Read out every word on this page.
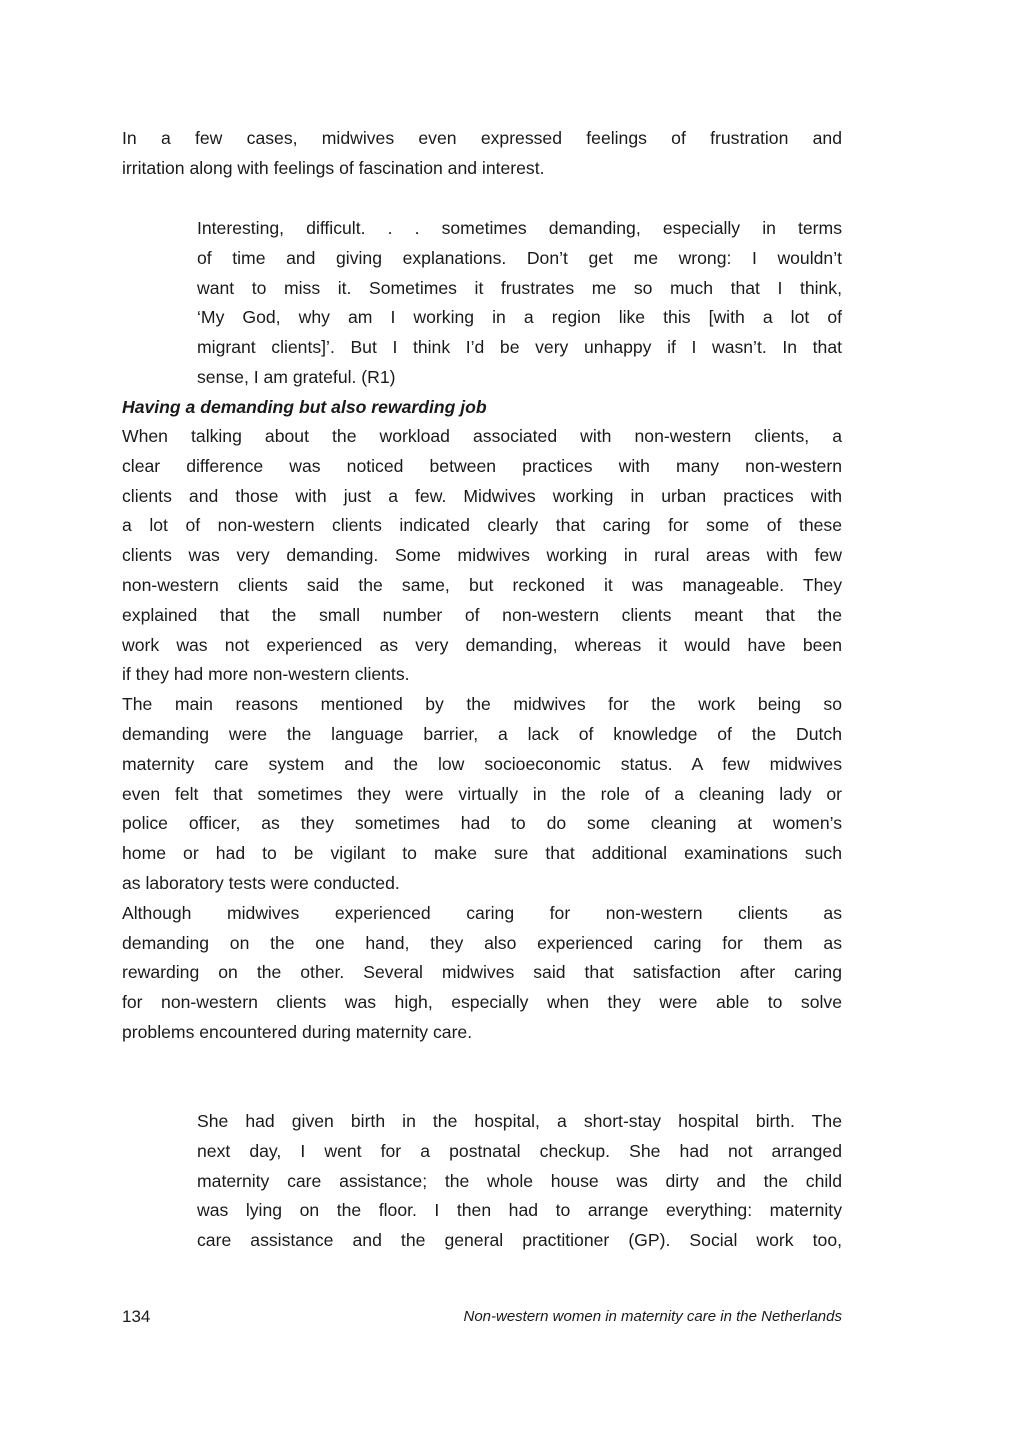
In a few cases, midwives even expressed feelings of frustration and
irritation along with feelings of fascination and interest.
Interesting, difficult. . . sometimes demanding, especially in terms
of time and giving explanations. Don’t get me wrong: I wouldn’t
want to miss it. Sometimes it frustrates me so much that I think,
‘My God, why am I working in a region like this [with a lot of
migrant clients]’. But I think I’d be very unhappy if I wasn’t. In that
sense, I am grateful. (R1)
Having a demanding but also rewarding job
When talking about the workload associated with non-western clients, a
clear difference was noticed between practices with many non-western
clients and those with just a few. Midwives working in urban practices with
a lot of non-western clients indicated clearly that caring for some of these
clients was very demanding. Some midwives working in rural areas with few
non-western clients said the same, but reckoned it was manageable. They
explained that the small number of non-western clients meant that the
work was not experienced as very demanding, whereas it would have been
if they had more non-western clients.
The main reasons mentioned by the midwives for the work being so
demanding were the language barrier, a lack of knowledge of the Dutch
maternity care system and the low socioeconomic status. A few midwives
even felt that sometimes they were virtually in the role of a cleaning lady or
police officer, as they sometimes had to do some cleaning at women’s
home or had to be vigilant to make sure that additional examinations such
as laboratory tests were conducted.
Although midwives experienced caring for non-western clients as
demanding on the one hand, they also experienced caring for them as
rewarding on the other. Several midwives said that satisfaction after caring
for non-western clients was high, especially when they were able to solve
problems encountered during maternity care.
She had given birth in the hospital, a short-stay hospital birth. The
next day, I went for a postnatal checkup. She had not arranged
maternity care assistance; the whole house was dirty and the child
was lying on the floor. I then had to arrange everything: maternity
care assistance and the general practitioner (GP). Social work too,
134	Non-western women in maternity care in the Netherlands
